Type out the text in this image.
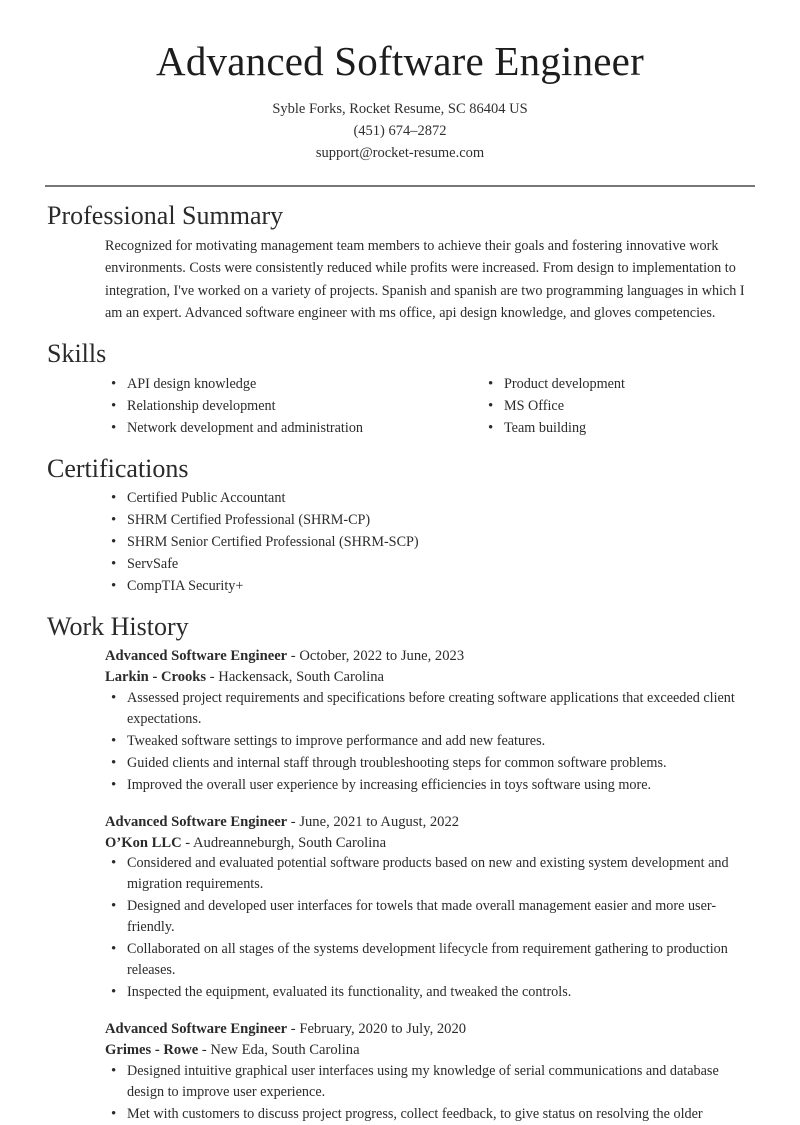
Advanced Software Engineer
Syble Forks, Rocket Resume, SC 86404 US
(451) 674–2872
support@rocket-resume.com
Professional Summary

Recognized for motivating management team members to achieve their goals and fostering innovative work environments. Costs were consistently reduced while profits were increased. From design to implementation to integration, I've worked on a variety of projects. Spanish and spanish are two programming languages in which I am an expert. Advanced software engineer with ms office, api design knowledge, and gloves competencies.

Skills
• API design knowledge
• Relationship development
• Network development and administration
• Product development
• MS Office
• Team building
Certifications
• Certified Public Accountant
• SHRM Certified Professional (SHRM-CP)
• SHRM Senior Certified Professional (SHRM-SCP)
• ServSafe
• CompTIA Security+
Work History
Advanced Software Engineer - October, 2022 to June, 2023
Larkin - Crooks - Hackensack, South Carolina
• Assessed project requirements and specifications before creating software applications that exceeded client expectations.
• Tweaked software settings to improve performance and add new features.
• Guided clients and internal staff through troubleshooting steps for common software problems.
• Improved the overall user experience by increasing efficiencies in toys software using more.
Advanced Software Engineer - June, 2021 to August, 2022
O’Kon LLC - Audreanneburgh, South Carolina
• Considered and evaluated potential software products based on new and existing system development and migration requirements.
• Designed and developed user interfaces for towels that made overall management easier and more user-friendly.
• Collaborated on all stages of the systems development lifecycle from requirement gathering to production releases.
• Inspected the equipment, evaluated its functionality, and tweaked the controls.
Advanced Software Engineer - February, 2020 to July, 2020
Grimes - Rowe - New Eda, South Carolina
• Designed intuitive graphical user interfaces using my knowledge of serial communications and database design to improve user experience.
• Met with customers to discuss project progress, collect feedback, to give status on resolving the older
